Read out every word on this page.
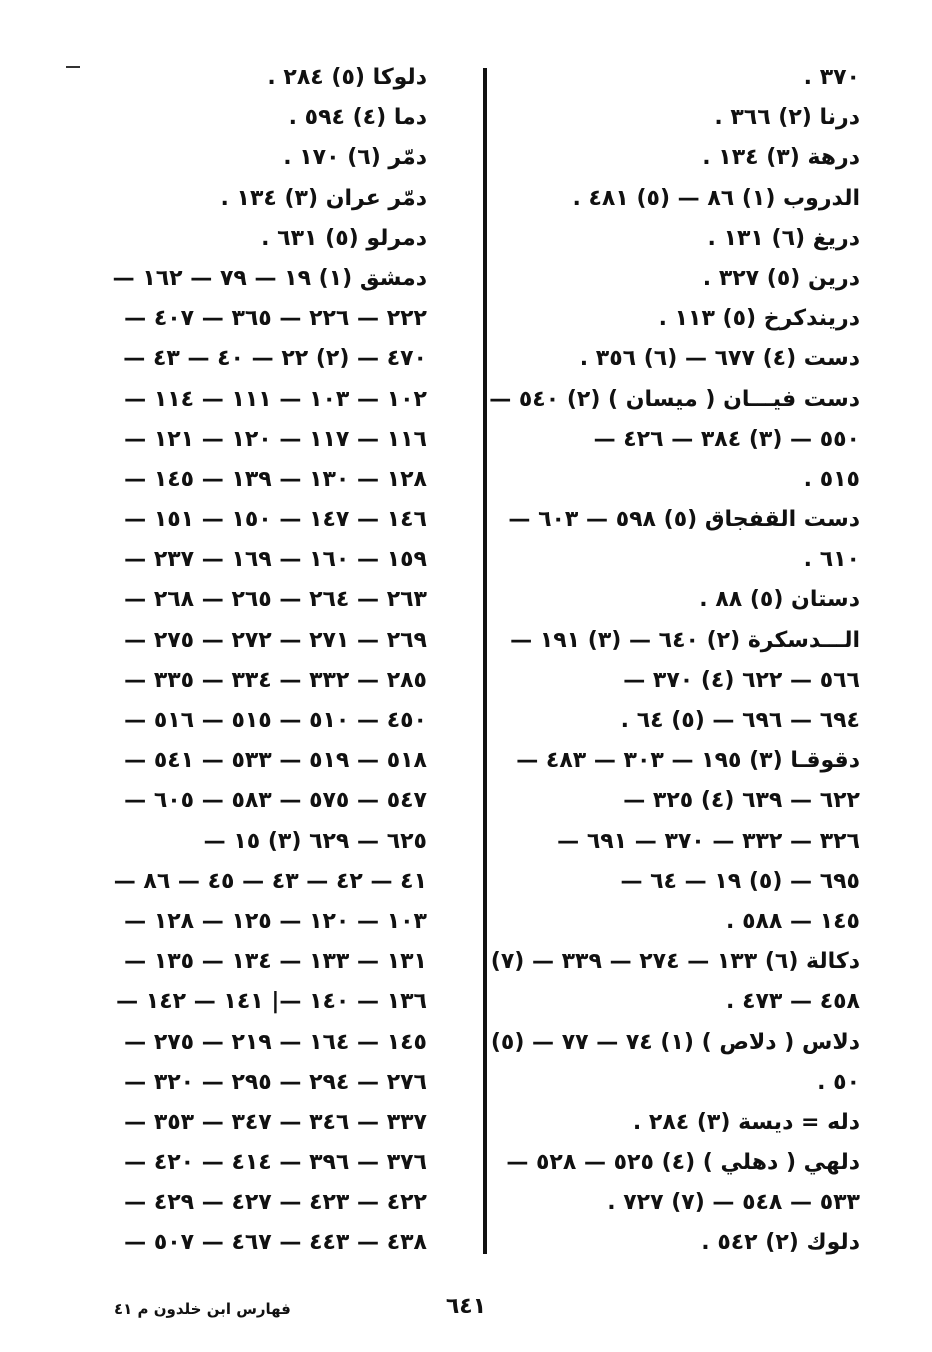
٣٧٠ .
درنا (٢) ٣٦٦ .
درهة (٣) ١٣٤ .
الدروب (١) ٨٦ — (٥) ٤٨١ .
دريغ (٦) ١٣١ .
درين (٥) ٣٢٧ .
دريندكرخ (٥) ١١٣ .
دست (٤) ٦٧٧ — (٦) ٣٥٦ .
دست فيـــان ( ميسان ) (٢) ٥٤٠ —
٥٥٠ — (٣) ٣٨٤ — ٤٢٦ —
٥١٥ .
دست القفجاق (٥) ٥٩٨ — ٦٠٣ —
٦١٠ .
دستان (٥) ٨٨ .
الـــدسكرة (٢) ٦٤٠ — (٣) ١٩١ —
٥٦٦ — ٦٢٢ (٤) ٣٧٠ —
٦٩٤ — ٦٩٦ — (٥) ٦٤ .
دقوقـا (٣) ١٩٥ — ٣٠٣ — ٤٨٣ —
٦٢٢ — ٦٣٩ (٤) ٣٢٥ —
٣٢٦ — ٣٣٢ — ٣٧٠ — ٦٩١ —
٦٩٥ — (٥) ١٩ — ٦٤ —
١٤٥ — ٥٨٨ .
دكالة (٦) ١٣٣ — ٢٧٤ — ٣٣٩ — (٧)
٤٥٨ — ٤٧٣ .
دلاس ( دلاص ) (١) ٧٤ — ٧٧ — (٥)
٥٠ .
دله = ديسة (٣) ٢٨٤ .
دلهي ( دهلي ) (٤) ٥٢٥ — ٥٢٨ —
٥٣٣ — ٥٤٨ — (٧) ٧٢٧ .
دلوك (٢) ٥٤٢ .
دلوكا (٥) ٢٨٤ .
دما (٤) ٥٩٤ .
دمّر (٦) ١٧٠ .
دمّر عران (٣) ١٣٤ .
دمرلو (٥) ٦٣١ .
دمشق (١) ١٩ — ٧٩ — ١٦٢ —
٢٢٢ — ٢٢٦ — ٣٦٥ — ٤٠٧ —
٤٧٠ — (٢) ٢٢ — ٤٠ — ٤٣ —
١٠٢ — ١٠٣ — ١١١ — ١١٤ —
١١٦ — ١١٧ — ١٢٠ — ١٢١ —
١٢٨ — ١٣٠ — ١٣٩ — ١٤٥ —
١٤٦ — ١٤٧ — ١٥٠ — ١٥١ —
١٥٩ — ١٦٠ — ١٦٩ — ٢٣٧ —
٢٦٣ — ٢٦٤ — ٢٦٥ — ٢٦٨ —
٢٦٩ — ٢٧١ — ٢٧٢ — ٢٧٥ —
٢٨٥ — ٣٣٢ — ٣٣٤ — ٣٣٥ —
٤٥٠ — ٥١٠ — ٥١٥ — ٥١٦ —
٥١٨ — ٥١٩ — ٥٣٣ — ٥٤١ —
٥٤٧ — ٥٧٥ — ٥٨٣ — ٦٠٥ —
٦٢٥ — ٦٢٩ (٣) ١٥ —
٤١ — ٤٢ — ٤٣ — ٤٥ — ٨٦ —
١٠٣ — ١٢٠ — ١٢٥ — ١٢٨ —
١٣١ — ١٣٣ — ١٣٤ — ١٣٥ —
١٣٦ — ١٤٠ —| ١٤١ — ١٤٢ —
١٤٥ — ١٦٤ — ٢١٩ — ٢٧٥ —
٢٧٦ — ٢٩٤ — ٢٩٥ — ٣٢٠ —
٣٣٧ — ٣٤٦ — ٣٤٧ — ٣٥٣ —
٣٧٦ — ٣٩٦ — ٤١٤ — ٤٢٠ —
٤٢٢ — ٤٢٣ — ٤٢٧ — ٤٢٩ —
٤٣٨ — ٤٤٣ — ٤٦٧ — ٥٠٧ —
٦٤١
فهارس ابن خلدون م ٤١
